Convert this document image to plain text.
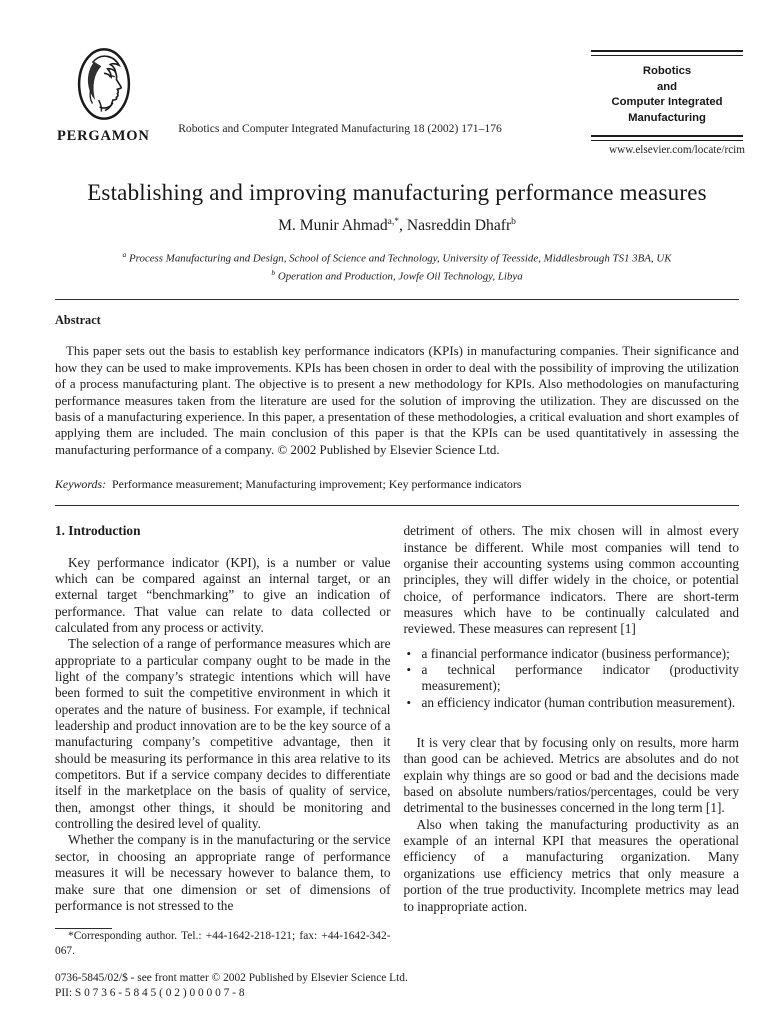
PERGAMON	Robotics and Computer Integrated Manufacturing 18 (2002) 171–176
Robotics
and
Computer Integrated
Manufacturing
www.elsevier.com/locate/rcim
Establishing and improving manufacturing performance measures
M. Munir Ahmad$^{a,*}$, Nasreddin Dhafr$^b$
$^a$ Process Manufacturing and Design, School of Science and Technology, University of Teesside, Middlesbrough TS1 3BA, UK
$^b$ Operation and Production, Jowfe Oil Technology, Libya
Abstract

This paper sets out the basis to establish key performance indicators (KPIs) in manufacturing companies. Their significance and how they can be used to make improvements. KPIs has been chosen in order to deal with the possibility of improving the utilization of a process manufacturing plant. The objective is to present a new methodology for KPIs. Also methodologies on manufacturing performance measures taken from the literature are used for the solution of improving the utilization. They are discussed on the basis of a manufacturing experience. In this paper, a presentation of these methodologies, a critical evaluation and short examples of applying them are included. The main conclusion of this paper is that the KPIs can be used quantitatively in assessing the manufacturing performance of a company. © 2002 Published by Elsevier Science Ltd.

Keywords: Performance measurement; Manufacturing improvement; Key performance indicators

1. Introduction

Key performance indicator (KPI), is a number or value which can be compared against an internal target, or an external target “benchmarking” to give an indication of performance. That value can relate to data collected or calculated from any process or activity.

The selection of a range of performance measures which are appropriate to a particular company ought to be made in the light of the company’s strategic intentions which will have been formed to suit the competitive environment in which it operates and the nature of business. For example, if technical leadership and product innovation are to be the key source of a manufacturing company’s competitive advantage, then it should be measuring its performance in this area relative to its competitors. But if a service company decides to differentiate itself in the marketplace on the basis of quality of service, then, amongst other things, it should be monitoring and controlling the desired level of quality.

Whether the company is in the manufacturing or the service sector, in choosing an appropriate range of performance measures it will be necessary however to balance them, to make sure that one dimension or set of dimensions of performance is not stressed to the

*Corresponding author. Tel.: +44-1642-218-121; fax: +44-1642-342-067.

detriment of others. The mix chosen will in almost every instance be different. While most companies will tend to organise their accounting systems using common accounting principles, they will differ widely in the choice, or potential choice, of performance indicators. There are short-term measures which have to be continually calculated and reviewed. These measures can represent [1]

• a financial performance indicator (business performance);
• a technical performance indicator (productivity measurement);
• an efficiency indicator (human contribution measurement).

It is very clear that by focusing only on results, more harm than good can be achieved. Metrics are absolutes and do not explain why things are so good or bad and the decisions made based on absolute numbers/ratios/percentages, could be very detrimental to the businesses concerned in the long term [1].

Also when taking the manufacturing productivity as an example of an internal KPI that measures the operational efficiency of a manufacturing organization. Many organizations use efficiency metrics that only measure a portion of the true productivity. Incomplete metrics may lead to inappropriate action.

0736-5845/02/$ - see front matter © 2002 Published by Elsevier Science Ltd.
PII: S 0 7 3 6 - 5 8 4 5 ( 0 2 ) 0 0 0 0 7 - 8
